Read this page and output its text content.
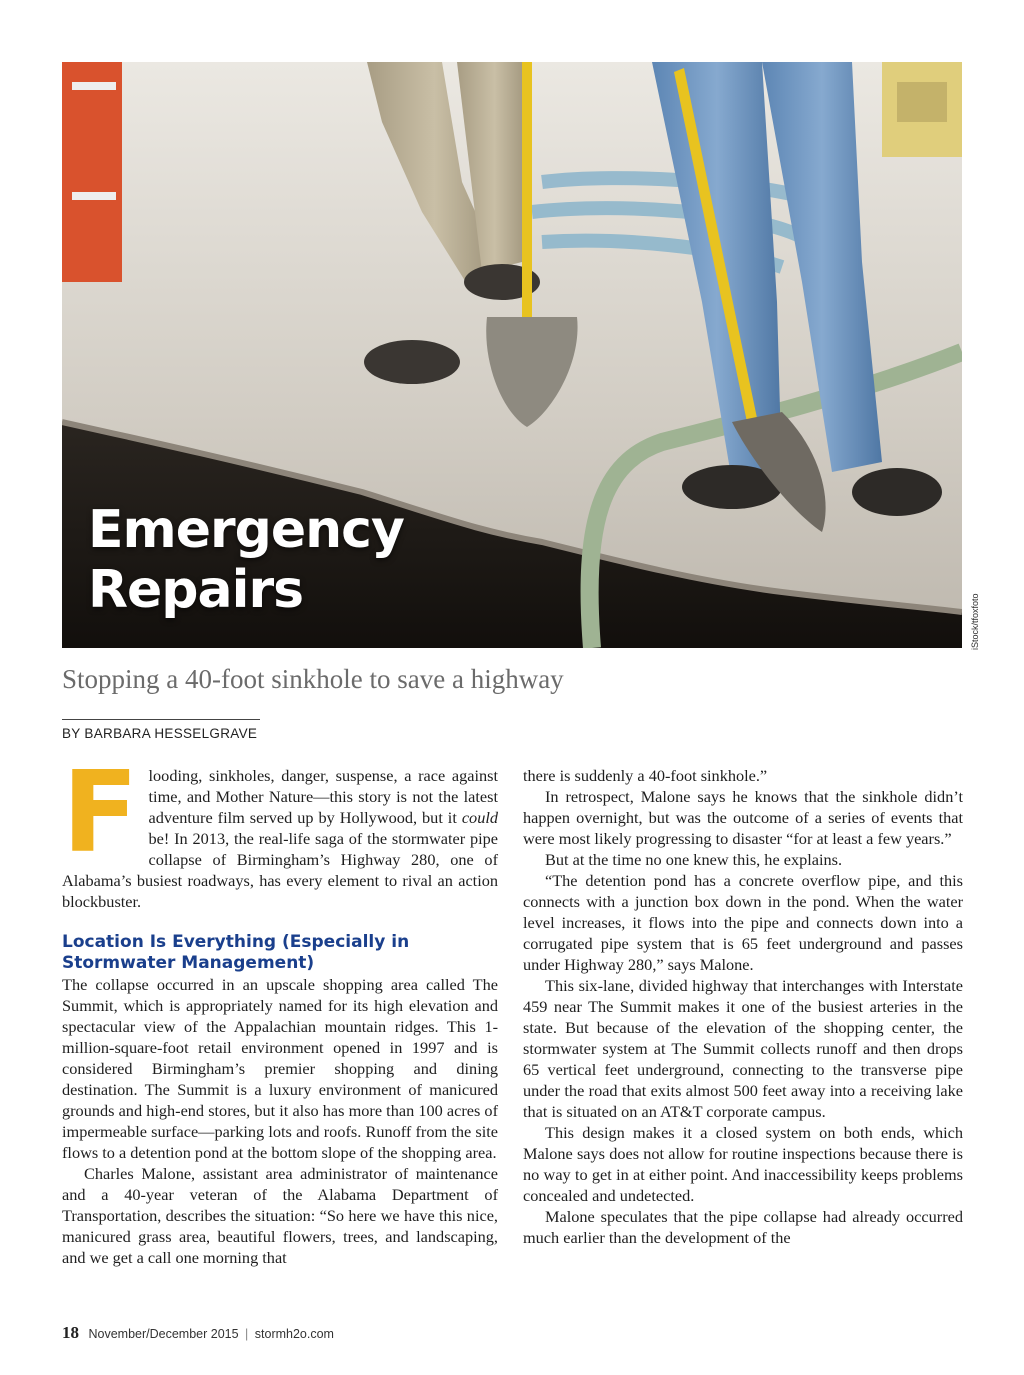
Emergency
Repairs
iStock/tfoxfoto
Stopping a 40-foot sinkhole to save a highway
BY BARBARA HESSELGRAVE
F looding, sinkholes, danger, suspense, a race against time, and Mother Nature—this story is not the latest adventure film served up by Hollywood, but it could be! In 2013, the real-life saga of the stormwater pipe collapse of Birmingham’s Highway 280, one of Alabama’s busiest roadways, has every element to rival an action blockbuster.

Location Is Everything (Especially in Stormwater Management)

The collapse occurred in an upscale shopping area called The Summit, which is appropriately named for its high elevation and spectacular view of the Appalachian mountain ridges. This 1-million-square-foot retail environment opened in 1997 and is considered Birmingham’s premier shopping and dining destination. The Summit is a luxury environment of manicured grounds and high-end stores, but it also has more than 100 acres of impermeable surface—parking lots and roofs. Runoff from the site flows to a detention pond at the bottom slope of the shopping area.

Charles Malone, assistant area administrator of maintenance and a 40-year veteran of the Alabama Department of Transportation, describes the situation: “So here we have this nice, manicured grass area, beautiful flowers, trees, and landscaping, and we get a call one morning that

there is suddenly a 40-foot sinkhole.”

In retrospect, Malone says he knows that the sinkhole didn’t happen overnight, but was the outcome of a series of events that were most likely progressing to disaster “for at least a few years.”

But at the time no one knew this, he explains.

“The detention pond has a concrete overflow pipe, and this connects with a junction box down in the pond. When the water level increases, it flows into the pipe and connects down into a corrugated pipe system that is 65 feet underground and passes under Highway 280,” says Malone.

This six-lane, divided highway that interchanges with Interstate 459 near The Summit makes it one of the busiest arteries in the state. But because of the elevation of the shopping center, the stormwater system at The Summit collects runoff and then drops 65 vertical feet underground, connecting to the transverse pipe under the road that exits almost 500 feet away into a receiving lake that is situated on an AT&T corporate campus.

This design makes it a closed system on both ends, which Malone says does not allow for routine inspections because there is no way to get in at either point. And inaccessibility keeps problems concealed and undetected.

Malone speculates that the pipe collapse had already occurred much earlier than the development of the

18 November/December 2015 | stormh2o.com
